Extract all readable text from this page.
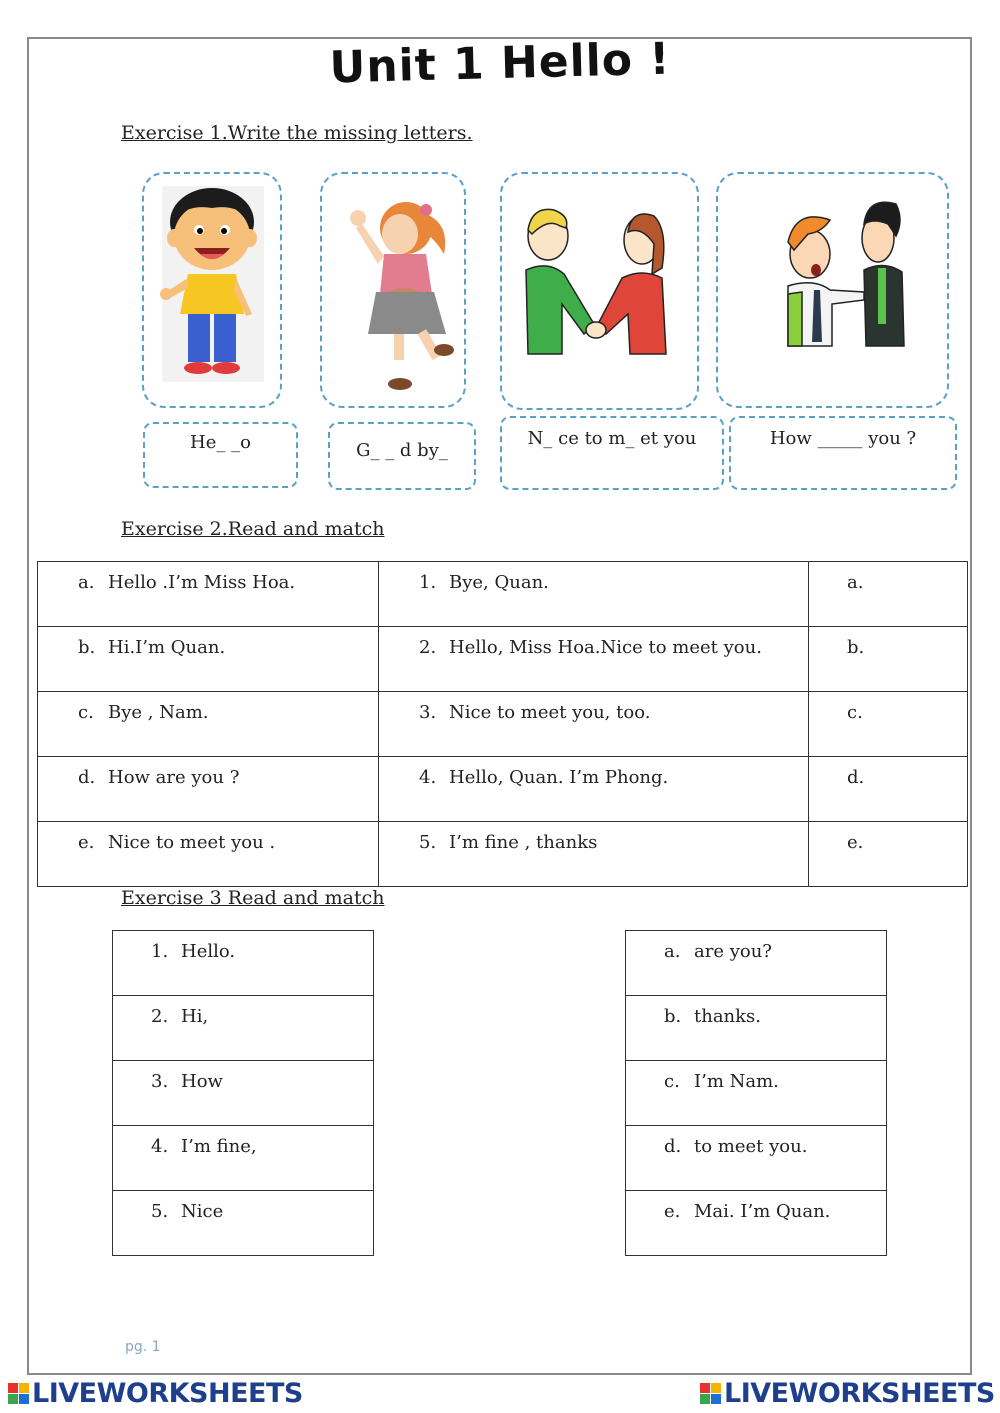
Unit 1 Hello !
Exercise 1.Write the missing letters.
He_ _o	G_ _ d by_
N_ ce to m_ et you	How _____ you ?
Exercise 2.Read and match
a. Hello .I’m Miss Hoa.	1. Bye, Quan.	a.
b. Hi.I’m Quan.	2. Hello, Miss Hoa.Nice to meet you.	b.
c. Bye , Nam.	3. Nice to meet you, too.	c.
d. How are you ?	4. Hello, Quan. I’m Phong.	d.
e. Nice to meet you .	5. I’m fine , thanks	e.
Exercise 3 Read and match
1. Hello.
2. Hi,
3. How
4. I’m fine,
5. Nice
a. are you?
b. thanks.
c. I’m Nam.
d. to meet you.
e. Mai. I’m Quan.
pg. 1
LIVEWORKSHEETS	LIVEWORKSHEETS
